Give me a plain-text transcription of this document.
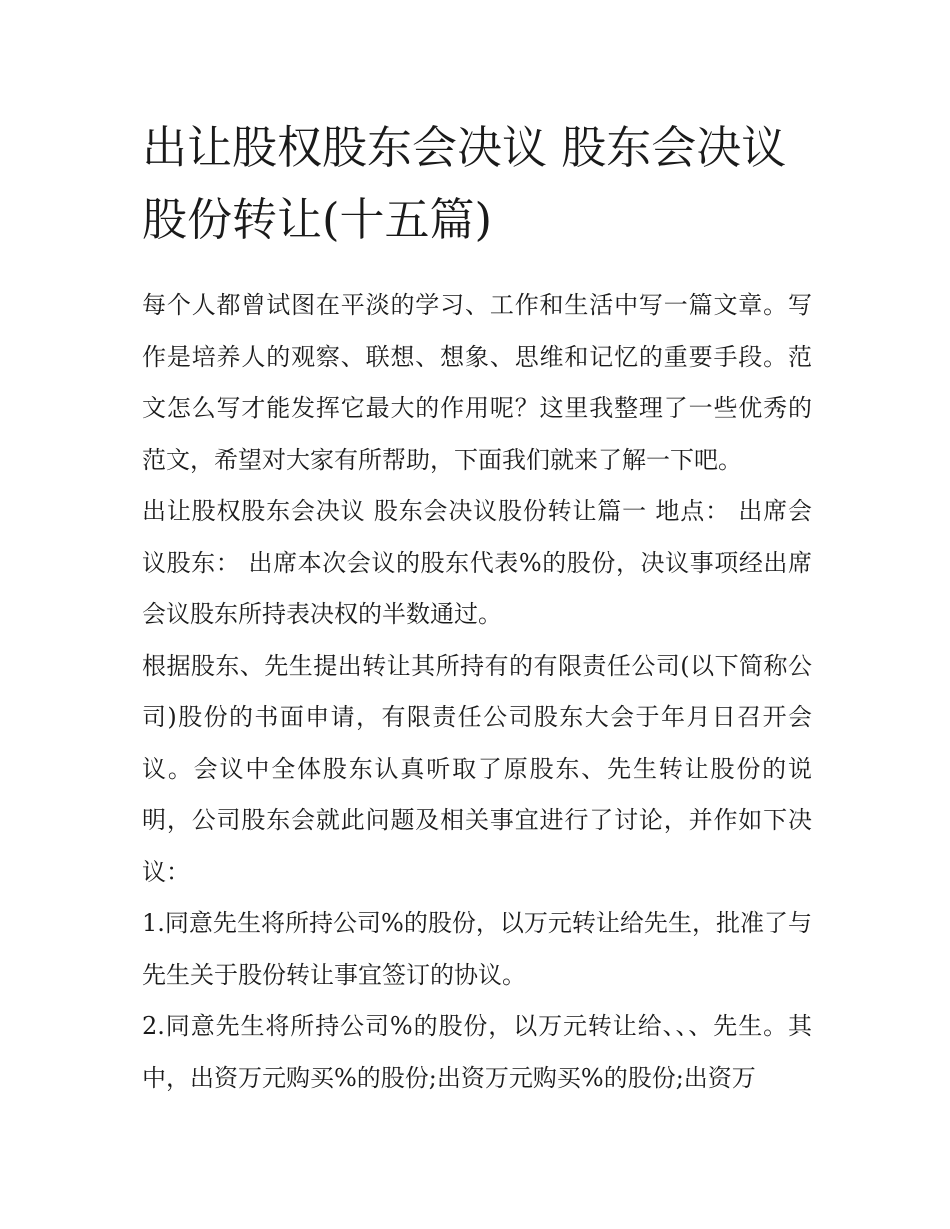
出让股权股东会决议 股东会决议股份转让(十五篇)

每个人都曾试图在平淡的学习、工作和生活中写一篇文章。写作是培养人的观察、联想、想象、思维和记忆的重要手段。范文怎么写才能发挥它最大的作用呢？这里我整理了一些优秀的范文，希望对大家有所帮助，下面我们就来了解一下吧。

出让股权股东会决议 股东会决议股份转让篇一 地点： 出席会议股东： 出席本次会议的股东代表%的股份，决议事项经出席会议股东所持表决权的半数通过。

根据股东、先生提出转让其所持有的有限责任公司(以下简称公司)股份的书面申请，有限责任公司股东大会于年月日召开会议。会议中全体股东认真听取了原股东、先生转让股份的说明，公司股东会就此问题及相关事宜进行了讨论，并作如下决议：

1.同意先生将所持公司%的股份，以万元转让给先生，批准了与先生关于股份转让事宜签订的协议。

2.同意先生将所持公司%的股份，以万元转让给、、、先生。其中，出资万元购买%的股份;出资万元购买%的股份;出资万
